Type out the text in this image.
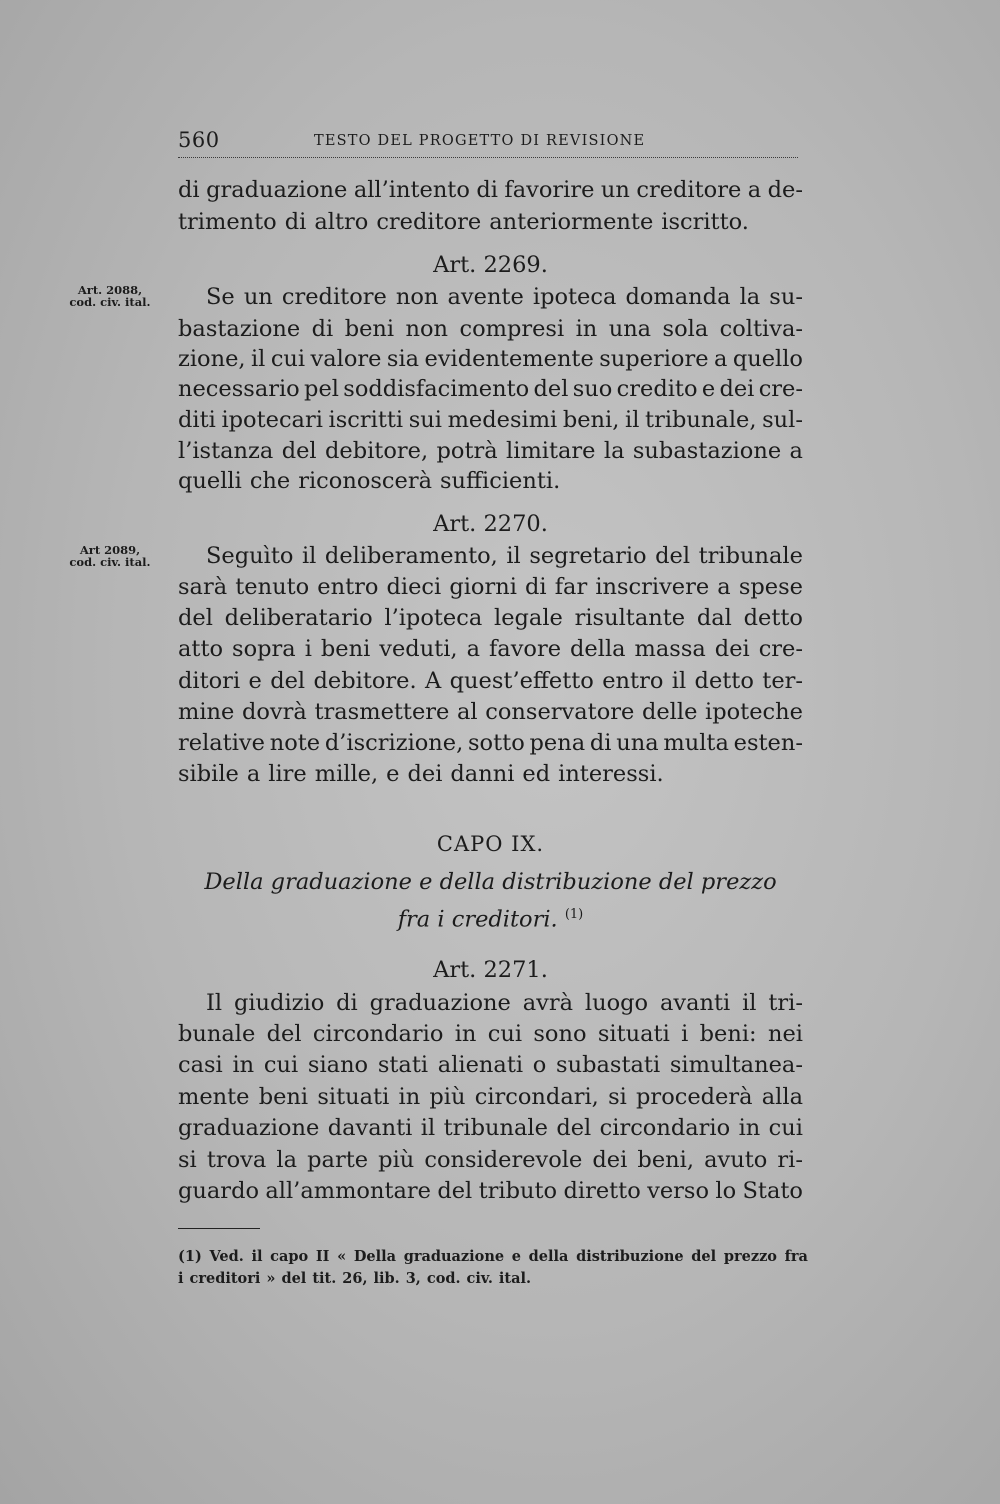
560	TESTO DEL PROGETTO DI REVISIONE
Art. 2088,
cod. civ. ital.
Art 2089,
cod. civ. ital.
di graduazione all’intento di favorire un creditore a de-
trimento di altro creditore anteriormente iscritto.
Art. 2269.
Se un creditore non avente ipoteca domanda la su-
bastazione di beni non compresi in una sola coltiva-
zione, il cui valore sia evidentemente superiore a quello
necessario pel soddisfacimento del suo credito e dei cre-
diti ipotecari iscritti sui medesimi beni, il tribunale, sul-
l’istanza del debitore, potrà limitare la subastazione a
quelli che riconoscerà sufficienti.
Art. 2270.
Seguìto il deliberamento, il segretario del tribunale
sarà tenuto entro dieci giorni di far inscrivere a spese
del deliberatario l’ipoteca legale risultante dal detto
atto sopra i beni veduti, a favore della massa dei cre-
ditori e del debitore. A quest’effetto entro il detto ter-
mine dovrà trasmettere al conservatore delle ipoteche
relative note d’iscrizione, sotto pena di una multa esten-
sibile a lire mille, e dei danni ed interessi.
CAPO IX.
Della graduazione e della distribuzione del prezzo
fra i creditori. $^{(1)}$
Art. 2271.
Il giudizio di graduazione avrà luogo avanti il tri-
bunale del circondario in cui sono situati i beni: nei
casi in cui siano stati alienati o subastati simultanea-
mente beni situati in più circondari, si procederà alla
graduazione davanti il tribunale del circondario in cui
si trova la parte più considerevole dei beni, avuto ri-
guardo all’ammontare del tributo diretto verso lo Stato
(1) Ved. il capo II « Della graduazione e della distribuzione del prezzo fra
i creditori » del tit. 26, lib. 3, cod. civ. ital.
